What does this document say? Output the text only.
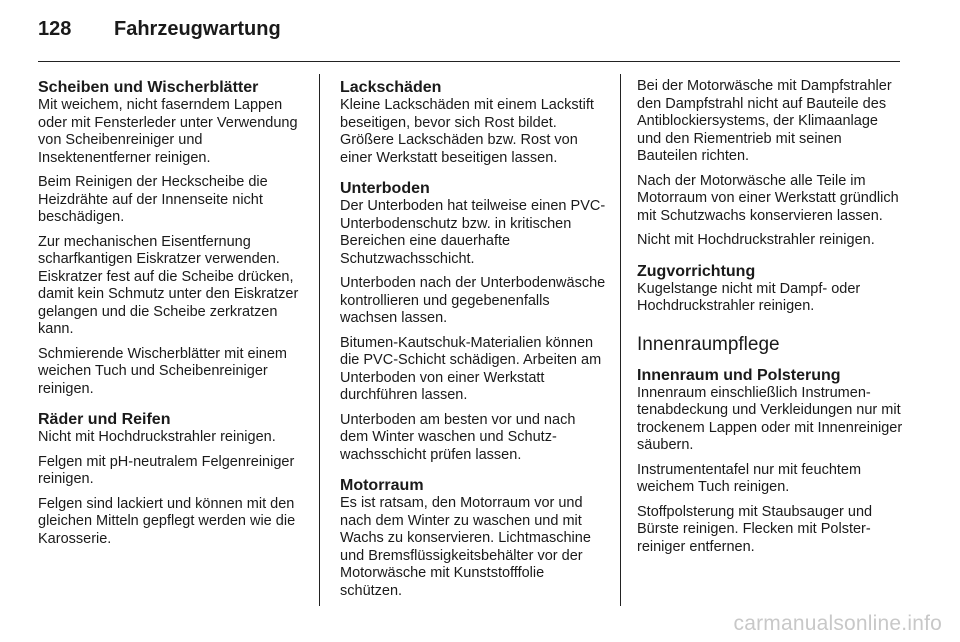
128	Fahrzeugwartung
Scheiben und Wischerblätter

Mit weichem, nicht faserndem Lappen oder mit Fensterleder unter Verwendung von Scheibenreiniger und Insektenentferner reinigen.

Beim Reinigen der Heckscheibe die Heizdrähte auf der Innenseite nicht beschädigen.

Zur mechanischen Eisentfernung scharfkantigen Eiskratzer verwenden. Eiskratzer fest auf die Scheibe drücken, damit kein Schmutz unter den Eiskratzer gelangen und die Scheibe zerkratzen kann.

Schmierende Wischerblätter mit einem weichen Tuch und Scheibenreiniger reinigen.

Räder und Reifen

Nicht mit Hochdruckstrahler reinigen.

Felgen mit pH-neutralem Felgenreiniger reinigen.

Felgen sind lackiert und können mit den gleichen Mitteln gepflegt werden wie die Karosserie.

Lackschäden

Kleine Lackschäden mit einem Lackstift beseitigen, bevor sich Rost bildet. Größere Lackschäden bzw. Rost von einer Werkstatt beseitigen lassen.

Unterboden

Der Unterboden hat teilweise einen PVC-Unterbodenschutz bzw. in kritischen Bereichen eine dauerhafte Schutzwachsschicht.

Unterboden nach der Unterbodenwäsche kontrollieren und gegebenenfalls wachsen lassen.

Bitumen-Kautschuk-Materialien können die PVC-Schicht schädigen. Arbeiten am Unterboden von einer Werkstatt durchführen lassen.

Unterboden am besten vor und nach dem Winter waschen und Schutzwachsschicht prüfen lassen.

Motorraum

Es ist ratsam, den Motorraum vor und nach dem Winter zu waschen und mit Wachs zu konservieren. Lichtmaschine und Bremsflüssigkeitsbehälter vor der Motorwäsche mit Kunststofffolie schützen.

Bei der Motorwäsche mit Dampfstrahler den Dampfstrahl nicht auf Bauteile des Antiblockiersystems, der Klimaanlage und den Riementrieb mit seinen Bauteilen richten.

Nach der Motorwäsche alle Teile im Motorraum von einer Werkstatt gründlich mit Schutzwachs konservieren lassen.

Nicht mit Hochdruckstrahler reinigen.

Zugvorrichtung

Kugelstange nicht mit Dampf- oder Hochdruckstrahler reinigen.

Innenraumpflege
Innenraum und Polsterung

Innenraum einschließlich Instrumentenabdeckung und Verkleidungen nur mit trockenem Lappen oder mit Innenreiniger säubern.

Instrumententafel nur mit feuchtem weichem Tuch reinigen.

Stoffpolsterung mit Staubsauger und Bürste reinigen. Flecken mit Polsterreiniger entfernen.

carmanualsonline.info
